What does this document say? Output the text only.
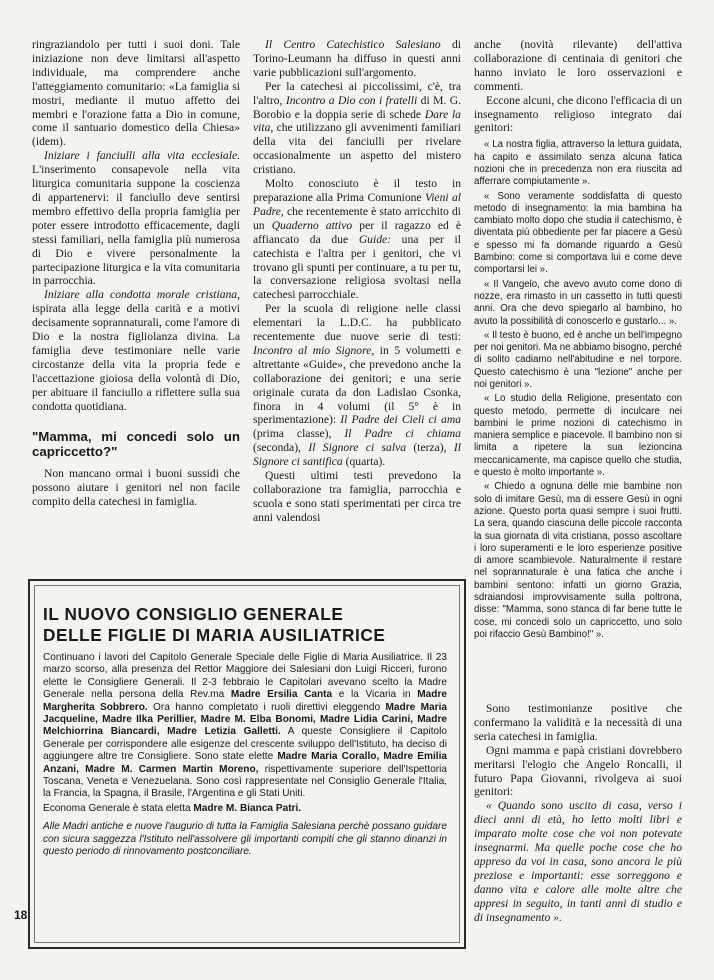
ringraziandolo per tutti i suoi doni. Tale iniziazione non deve limitarsi all'aspetto individuale, ma comprendere anche l'atteggiamento comunitario: «La famiglia si mostri, mediante il mutuo affetto dei membri e l'orazione fatta a Dio in comune, come il santuario domestico della Chiesa» (idem).

Iniziare i fanciulli alla vita ecclesiale. L'inserimento consapevole nella vita liturgica comunitaria suppone la coscienza di appartenervi: il fanciullo deve sentirsi membro effettivo della propria famiglia per poter essere introdotto efficacemente, dagli stessi familiari, nella famiglia più numerosa di Dio e vivere personalmente la partecipazione liturgica e la vita comunitaria in parrocchia.

Iniziare alla condotta morale cristiana, ispirata alla legge della carità e a motivi decisamente soprannaturali, come l'amore di Dio e la nostra figliolanza divina. La famiglia deve testimoniare nelle varie circostanze della vita la propria fede e l'accettazione gioiosa della volontà di Dio, per abituare il fanciullo a riflettere sulla sua condotta quotidiana.

"Mamma, mi concedi solo un capriccetto?"

Non mancano ormai i buoni sussidi che possono aiutare i genitori nel non facile compito della catechesi in famiglia.

Il Centro Catechistico Salesiano di Torino-Leumann ha diffuso in questi anni varie pubblicazioni sull'argomento.

Per la catechesi ai piccolissimi, c'è, tra l'altro, Incontro a Dio con i fratelli di M. G. Borobio e la doppia serie di schede Dare la vita, che utilizzano gli avvenimenti familiari della vita dei fanciulli per rivelare occasionalmente un aspetto del mistero cristiano.

Molto conosciuto è il testo in preparazione alla Prima Comunione Vieni al Padre, che recentemente è stato arricchito di un Quaderno attivo per il ragazzo ed è affiancato da due Guide: una per il catechista e l'altra per i genitori, che vi trovano gli spunti per continuare, a tu per tu, la conversazione religiosa svoltasi nella catechesi parrocchiale.

Per la scuola di religione nelle classi elementari la L.D.C. ha pubblicato recentemente due nuove serie di testi: Incontro al mio Signore, in 5 volumetti e altrettante «Guide», che prevedono anche la collaborazione dei genitori; e una serie originale curata da don Ladislao Csonka, finora in 4 volumi (il 5° è in sperimentazione): Il Padre dei Cieli ci ama (prima classe), Il Padre ci chiama (seconda), Il Signore ci salva (terza), Il Signore ci santifica (quarta).

Questi ultimi testi prevedono la collaborazione tra famiglia, parrocchia e scuola e sono stati sperimentati per circa tre anni valendosi

anche (novità rilevante) dell'attiva collaborazione di centinaia di genitori che hanno inviato le loro osservazioni e commenti.

Eccone alcuni, che dicono l'efficacia di un insegnamento religioso integrato dai genitori:

« La nostra figlia, attraverso la lettura guidata, ha capito e assimilato senza alcuna fatica nozioni che in precedenza non era riuscita ad afferrare compiutamente ».

« Sono veramente soddisfatta di questo metodo di insegnamento: la mia bambina ha cambiato molto dopo che studia il catechismo, è diventata più obbediente per far piacere a Gesù e spesso mi fa domande riguardo a Gesù Bambino: come si comportava lui e come deve comportarsi lei ».

« Il Vangelo, che avevo avuto come dono di nozze, era rimasto in un cassetto in tutti questi anni. Ora che devo spiegarlo al bambino, ho avuto la possibilità di conoscerlo e gustarlo... ».

« Il testo è buono, ed è anche un bell'impegno per noi genitori. Ma ne abbiamo bisogno, perché di solito cadiamo nell'abitudine e nel torpore. Questo catechismo è una "lezione" anche per noi genitori ».

« Lo studio della Religione, presentato con questo metodo, permette di inculcare nei bambini le prime nozioni di catechismo in maniera semplice e piacevole. Il bambino non si limita a ripetere la sua lezioncina meccanicamente, ma capisce quello che studia, e questo è molto importante ».

« Chiedo a ognuna delle mie bambine non solo di imitare Gesù, ma di essere Gesù in ogni azione. Questo porta quasi sempre i suoi frutti. La sera, quando ciascuna delle piccole racconta la sua giornata di vita cristiana, posso ascoltare i loro superamenti e le loro esperienze positive di amore scambievole. Naturalmente il restare nel soprannaturale è una fatica che anche i bambini sentono: infatti un giorno Grazia, sdraiandosi improvvisamente sulla poltrona, disse: "Mamma, sono stanca di far bene tutte le cose, mi concedi solo un capriccetto, uno solo poi rifaccio Gesù Bambino!" ».

Sono testimonianze positive che confermano la validità e la necessità di una seria catechesi in famiglia.

Ogni mamma e papà cristiani dovrebbero meritarsi l'elogio che Angelo Roncalli, il futuro Papa Giovanni, rivolgeva ai suoi genitori:

« Quando sono uscito di casa, verso i dieci anni di età, ho letto molti libri e imparato molte cose che voi non potevate insegnarmi. Ma quelle poche cose che ho appreso da voi in casa, sono ancora le più preziose e importanti: esse sorreggono e danno vita e calore alle molte altre che appresi in seguito, in tanti anni di studio e di insegnamento ».

IL NUOVO CONSIGLIO GENERALE
DELLE FIGLIE DI MARIA AUSILIATRICE

Continuano i lavori del Capitolo Generale Speciale delle Figlie di Maria Ausiliatrice. Il 23 marzo scorso, alla presenza del Rettor Maggiore dei Salesiani don Luigi Ricceri, furono elette le Consigliere Generali. Il 2-3 febbraio le Capitolari avevano scelto la Madre Generale nella persona della Rev.ma Madre Ersilia Canta e la Vicaria in Madre Margherita Sobbrero. Ora hanno completato i ruoli direttivi eleggendo Madre Maria Jacqueline, Madre Ilka Perillier, Madre M. Elba Bonomi, Madre Lidia Carini, Madre Melchiorrina Biancardi, Madre Letizia Galletti. A queste Consigliere il Capitolo Generale per corrispondere alle esigenze del crescente sviluppo dell'Istituto, ha deciso di aggiungere altre tre Consigliere. Sono state elette Madre Maria Corallo, Madre Emilia Anzani, Madre M. Carmen Martin Moreno, rispettivamente superiore dell'Ispettoria Toscana, Veneta e Venezuelana. Sono così rappresentate nel Consiglio Generale l'Italia, la Francia, la Spagna, il Brasile, l'Argentina e gli Stati Uniti.

Economa Generale è stata eletta Madre M. Bianca Patri.

Alle Madri antiche e nuove l'augurio di tutta la Famiglia Salesiana perchè possano guidare con sicura saggezza l'Istituto nell'assolvere gli importanti compiti che gli stanno dinanzi in questo periodo di rinnovamento postconciliare.

18
